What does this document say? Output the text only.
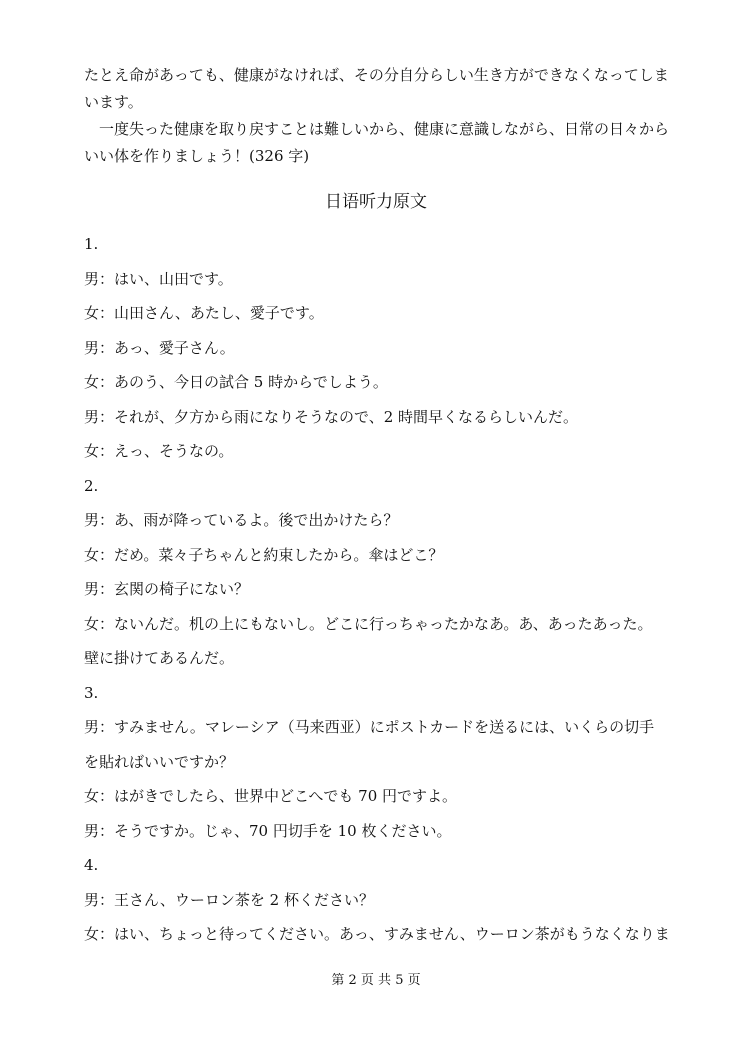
たとえ命があっても、健康がなければ、その分自分らしい生き方ができなくなってしまいます。

一度失った健康を取り戻すことは難しいから、健康に意識しながら、日常の日々からいい体を作りましょう！(326 字)

日语听力原文
1.
男：はい、山田です。
女：山田さん、あたし、愛子です。
男：あっ、愛子さん。
女：あのう、今日の試合 5 時からでしよう。
男：それが、夕方から雨になりそうなので、2 時間早くなるらしいんだ。
女：えっ、そうなの。
2.
男：あ、雨が降っているよ。後で出かけたら？
女：だめ。菜々子ちゃんと約束したから。傘はどこ？
男：玄関の椅子にない？
女：ないんだ。机の上にもないし。どこに行っちゃったかなあ。あ、あったあった。
壁に掛けてあるんだ。
3.
男：すみません。マレーシア（马来西亚）にポストカードを送るには、いくらの切手
を貼ればいいですか？
女：はがきでしたら、世界中どこへでも 70 円ですよ。
男：そうですか。じゃ、70 円切手を 10 枚ください。
4.
男：王さん、ウーロン茶を 2 杯ください？
女：はい、ちょっと待ってください。あっ、すみません、ウーロン茶がもうなくなりま
第 2 页 共 5 页
